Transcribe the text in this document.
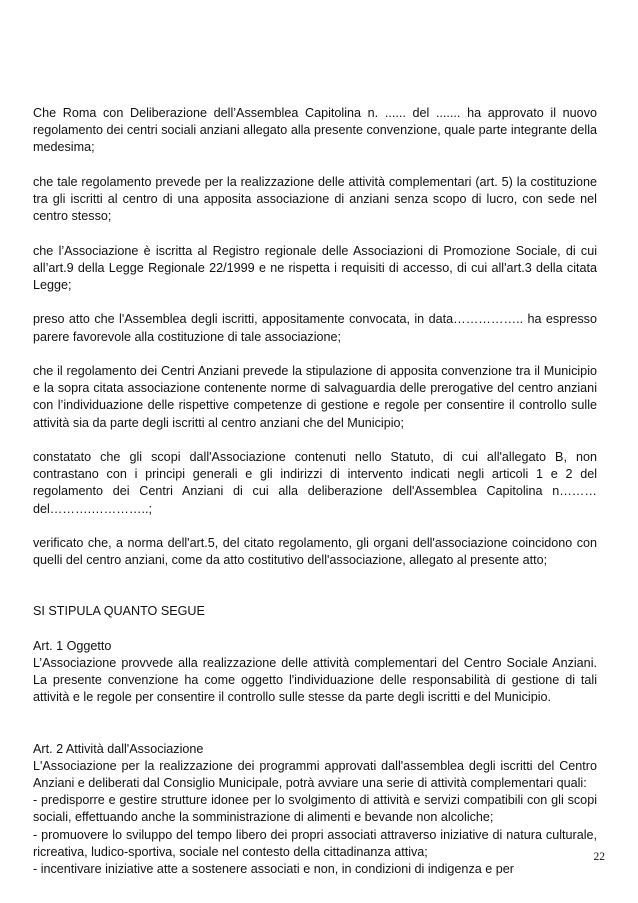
Che Roma con Deliberazione dell’Assemblea Capitolina n. ...... del ....... ha approvato il nuovo regolamento dei centri sociali anziani allegato alla presente convenzione, quale parte integrante della medesima;

che tale regolamento prevede per la realizzazione delle attività complementari (art. 5) la costituzione tra gli iscritti al centro di una apposita associazione di anziani senza scopo di lucro, con sede nel centro stesso;

che l’Associazione è iscritta al Registro regionale delle Associazioni di Promozione Sociale, di cui all’art.9 della Legge Regionale 22/1999 e ne rispetta i requisiti di accesso, di cui all'art.3 della citata Legge;

preso atto che l'Assemblea degli iscritti, appositamente convocata, in data…………….. ha espresso parere favorevole alla costituzione di tale associazione;

che il regolamento dei Centri Anziani prevede la stipulazione di apposita convenzione tra il Municipio e la sopra citata associazione contenente norme di salvaguardia delle prerogative del centro anziani con l’individuazione delle rispettive competenze di gestione e regole per consentire il controllo sulle attività sia da parte degli iscritti al centro anziani che del Municipio;

constatato che gli scopi dall'Associazione contenuti nello Statuto, di cui all'allegato B, non contrastano con i principi generali e gli indirizzi di intervento indicati negli articoli 1 e 2 del regolamento dei Centri Anziani di cui alla deliberazione dell'Assemblea Capitolina n……… del……….…………..;

verificato che, a norma dell'art.5, del citato regolamento, gli organi dell'associazione coincidono con quelli del centro anziani, come da atto costitutivo dell'associazione, allegato al presente atto;

SI STIPULA QUANTO SEGUE

Art. 1 Oggetto
L’Associazione provvede alla realizzazione delle attività complementari del Centro Sociale Anziani. La presente convenzione ha come oggetto l'individuazione delle responsabilità di gestione di tali attività e le regole per consentire il controllo sulle stesse da parte degli iscritti e del Municipio.
Art. 2 Attività dall'Associazione
L'Associazione per la realizzazione dei programmi approvati dall'assemblea degli iscritti del Centro Anziani e deliberati dal Consiglio Municipale, potrà avviare una serie di attività complementari quali:
- predisporre e gestire strutture idonee per lo svolgimento di attività e servizi compatibili con gli scopi sociali, effettuando anche la somministrazione di alimenti e bevande non alcoliche;
- promuovere lo sviluppo del tempo libero dei propri associati attraverso iniziative di natura culturale, ricreativa, ludico-sportiva, sociale nel contesto della cittadinanza attiva;
- incentivare iniziative atte a sostenere associati e non, in condizioni di indigenza e per
22
